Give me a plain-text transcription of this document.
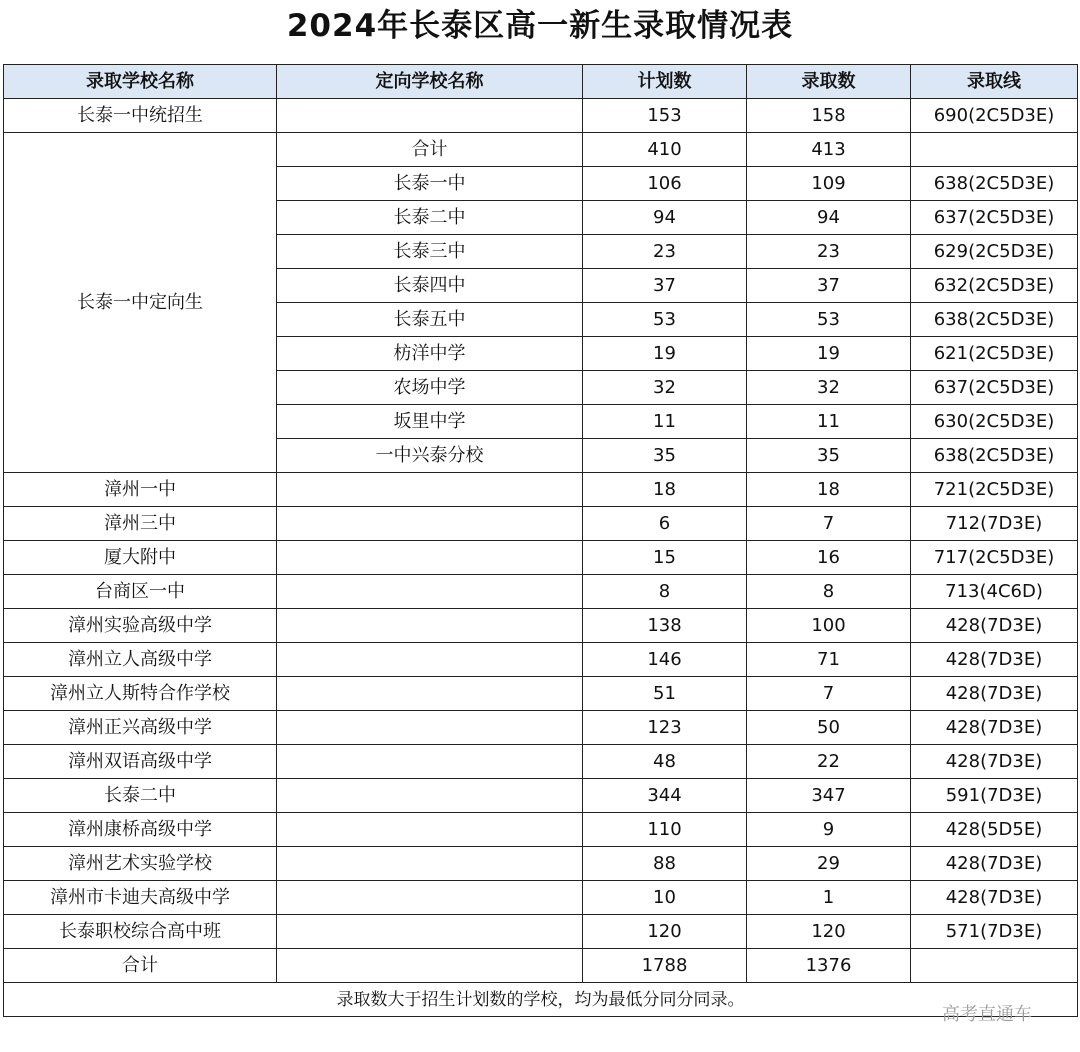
2024年长泰区高一新生录取情况表
录取学校名称	定向学校名称	计划数	录取数	录取线
长泰一中统招生		153	158	690(2C5D3E)
长泰一中定向生	合计	410	413	
	长泰一中	106	109	638(2C5D3E)
	长泰二中	94	94	637(2C5D3E)
	长泰三中	23	23	629(2C5D3E)
	长泰四中	37	37	632(2C5D3E)
	长泰五中	53	53	638(2C5D3E)
	枋洋中学	19	19	621(2C5D3E)
	农场中学	32	32	637(2C5D3E)
	坂里中学	11	11	630(2C5D3E)
	一中兴泰分校	35	35	638(2C5D3E)
漳州一中		18	18	721(2C5D3E)
漳州三中		6	7	712(7D3E)
厦大附中		15	16	717(2C5D3E)
台商区一中		8	8	713(4C6D)
漳州实验高级中学		138	100	428(7D3E)
漳州立人高级中学		146	71	428(7D3E)
漳州立人斯特合作学校		51	7	428(7D3E)
漳州正兴高级中学		123	50	428(7D3E)
漳州双语高级中学		48	22	428(7D3E)
长泰二中		344	347	591(7D3E)
漳州康桥高级中学		110	9	428(5D5E)
漳州艺术实验学校		88	29	428(7D3E)
漳州市卡迪夫高级中学		10	1	428(7D3E)
长泰职校综合高中班		120	120	571(7D3E)
合计		1788	1376	
录取数大于招生计划数的学校，均为最低分同分同录。				
高考直通车
